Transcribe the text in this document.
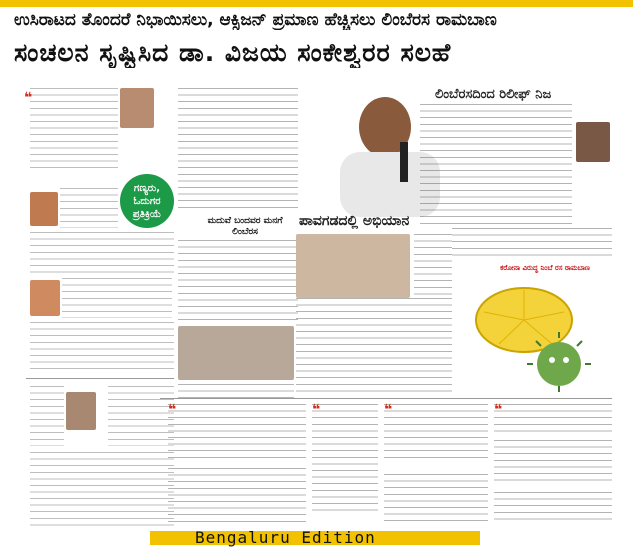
ಉಸಿರಾಟದ ತೊಂದರೆ ನಿಭಾಯಿಸಲು, ಆಕ್ಸಿಜನ್ ಪ್ರಮಾಣ ಹೆಚ್ಚಿಸಲು ಲಿಂಬೆರಸ ರಾಮಬಾಣ
ಸಂಚಲನ ಸೃಷ್ಟಿಸಿದ ಡಾ. ವಿಜಯ ಸಂಕೇಶ್ವರರ ಸಲಹೆ
❝
ಗಣ್ಯರು, ಓದುಗರ ಪ್ರತಿಕ್ರಿಯೆ
ಲಿಂಬೆರಸದಿಂದ ರಿಲೀಫ್ ನಿಜ
ಮದುವೆ ಬಂದವರ ಮನಗೆ ಲಿಂಬೆರಸ
ಪಾವಗಡದಲ್ಲಿ ಅಭಿಯಾನ
ಕರೋನಾ ವಿರುದ್ಧ ನಿಂಬೆ ರಸ ರಾಮಬಾಣ
❝	❝	❝	❝
Bengaluru Edition
